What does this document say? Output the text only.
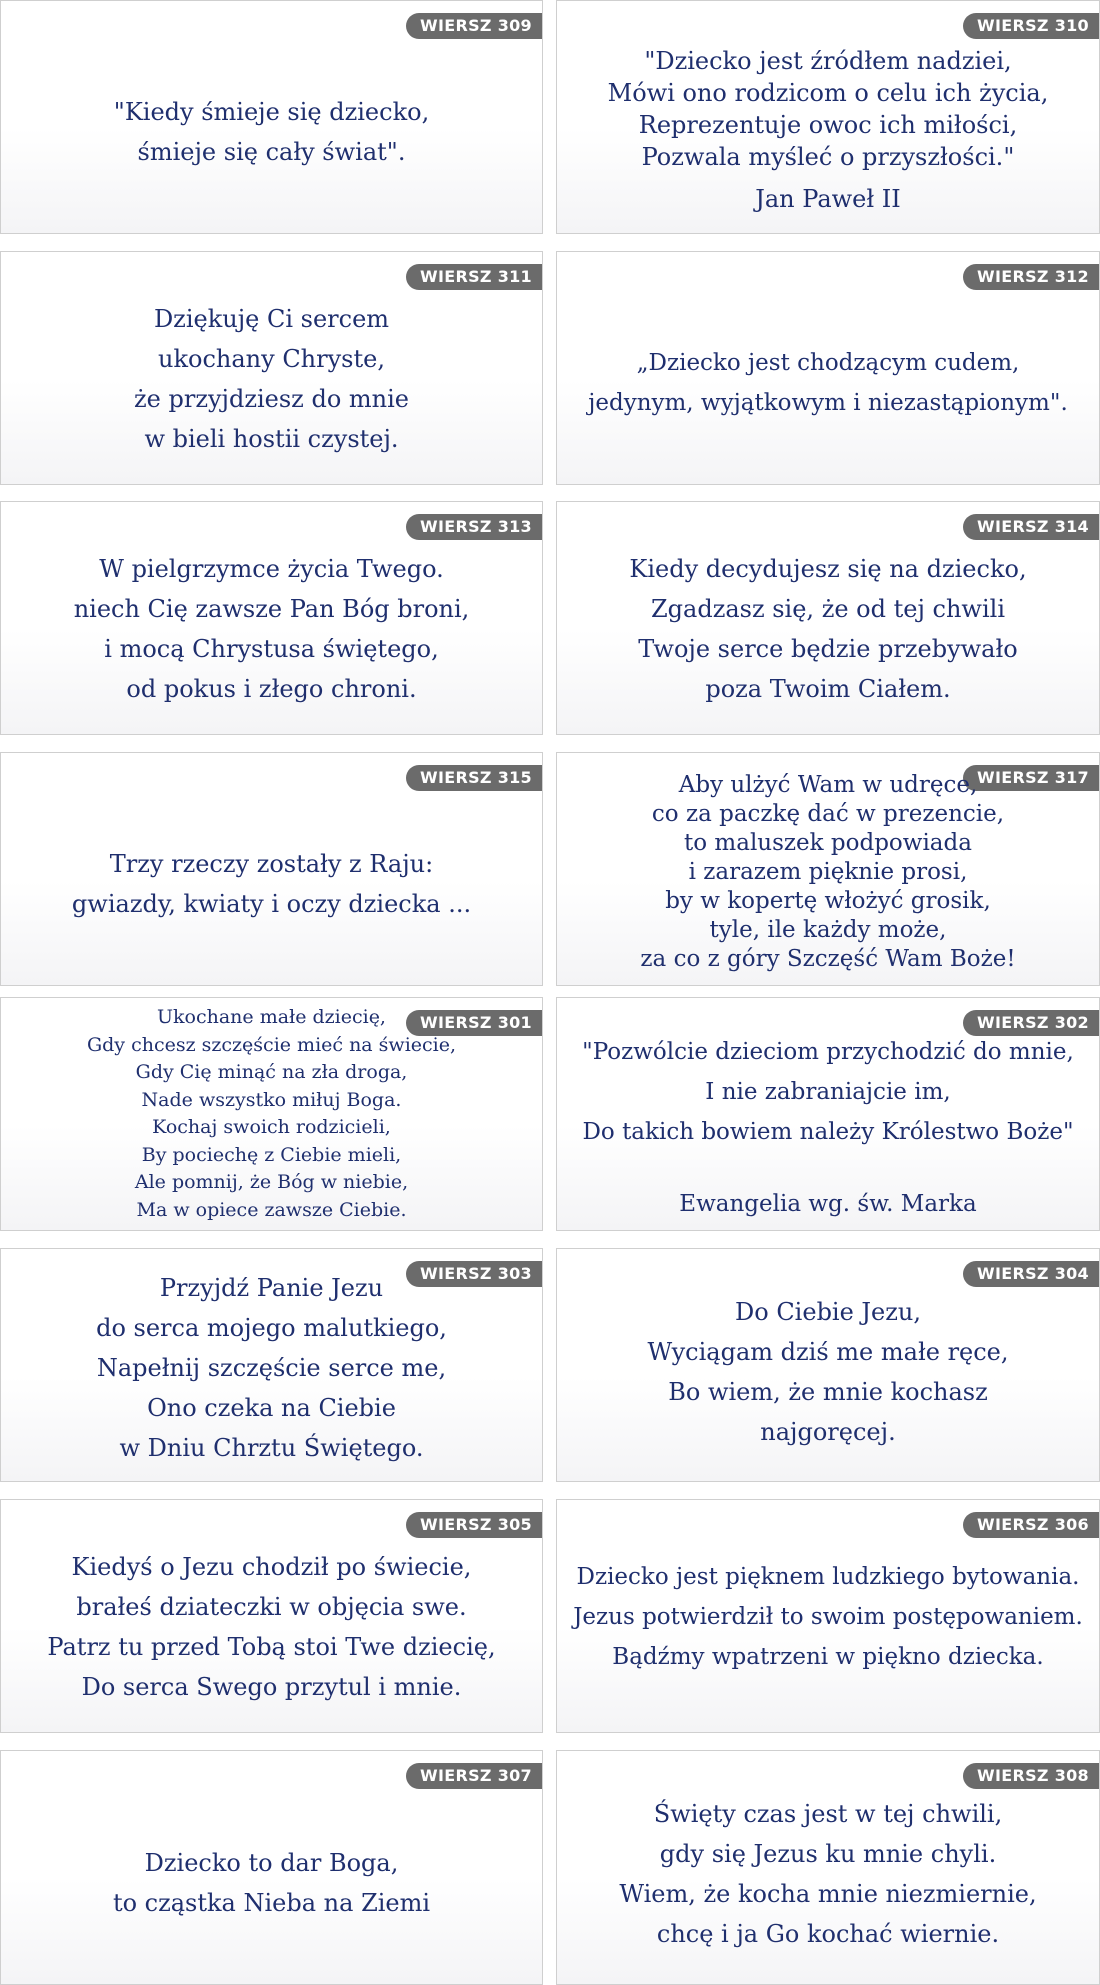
WIERSZ 309
"Kiedy śmieje się dziecko,
śmieje się cały świat".
WIERSZ 310
"Dziecko jest źródłem nadziei,
Mówi ono rodzicom o celu ich życia,
Reprezentuje owoc ich miłości,
Pozwala myśleć o przyszłości."
Jan Paweł II
WIERSZ 311
Dziękuję Ci sercem
ukochany Chryste,
że przyjdziesz do mnie
w bieli hostii czystej.
WIERSZ 312
„Dziecko jest chodzącym cudem,
jedynym, wyjątkowym i niezastąpionym".
WIERSZ 313
W pielgrzymce życia Twego.
niech Cię zawsze Pan Bóg broni,
i mocą Chrystusa świętego,
od pokus i złego chroni.
WIERSZ 314
Kiedy decydujesz się na dziecko,
Zgadzasz się, że od tej chwili
Twoje serce będzie przebywało
poza Twoim Ciałem.
WIERSZ 315
Trzy rzeczy zostały z Raju:
gwiazdy, kwiaty i oczy dziecka ...
WIERSZ 317
Aby ulżyć Wam w udręce,
co za paczkę dać w prezencie,
to maluszek podpowiada
i zarazem pięknie prosi,
by w kopertę włożyć grosik,
tyle, ile każdy może,
za co z góry Szczęść Wam Boże!
WIERSZ 301
Ukochane małe dziecię,
Gdy chcesz szczęście mieć na świecie,
Gdy Cię minąć na zła droga,
Nade wszystko miłuj Boga.
Kochaj swoich rodzicieli,
By pociechę z Ciebie mieli,
Ale pomnij, że Bóg w niebie,
Ma w opiece zawsze Ciebie.
WIERSZ 302
"Pozwólcie dzieciom przychodzić do mnie,
I nie zabraniajcie im,
Do takich bowiem należy Królestwo Boże"
Ewangelia wg. św. Marka
WIERSZ 303
Przyjdź Panie Jezu
do serca mojego malutkiego,
Napełnij szczęście serce me,
Ono czeka na Ciebie
w Dniu Chrztu Świętego.
WIERSZ 304
Do Ciebie Jezu,
Wyciągam dziś me małe ręce,
Bo wiem, że mnie kochasz
najgoręcej.
WIERSZ 305
Kiedyś o Jezu chodził po świecie,
brałeś dziateczki w objęcia swe.
Patrz tu przed Tobą stoi Twe dziecię,
Do serca Swego przytul i mnie.
WIERSZ 306
Dziecko jest pięknem ludzkiego bytowania.
Jezus potwierdził to swoim postępowaniem.
Bądźmy wpatrzeni w piękno dziecka.
WIERSZ 307
Dziecko to dar Boga,
to cząstka Nieba na Ziemi
WIERSZ 308
Święty czas jest w tej chwili,
gdy się Jezus ku mnie chyli.
Wiem, że kocha mnie niezmiernie,
chcę i ja Go kochać wiernie.
